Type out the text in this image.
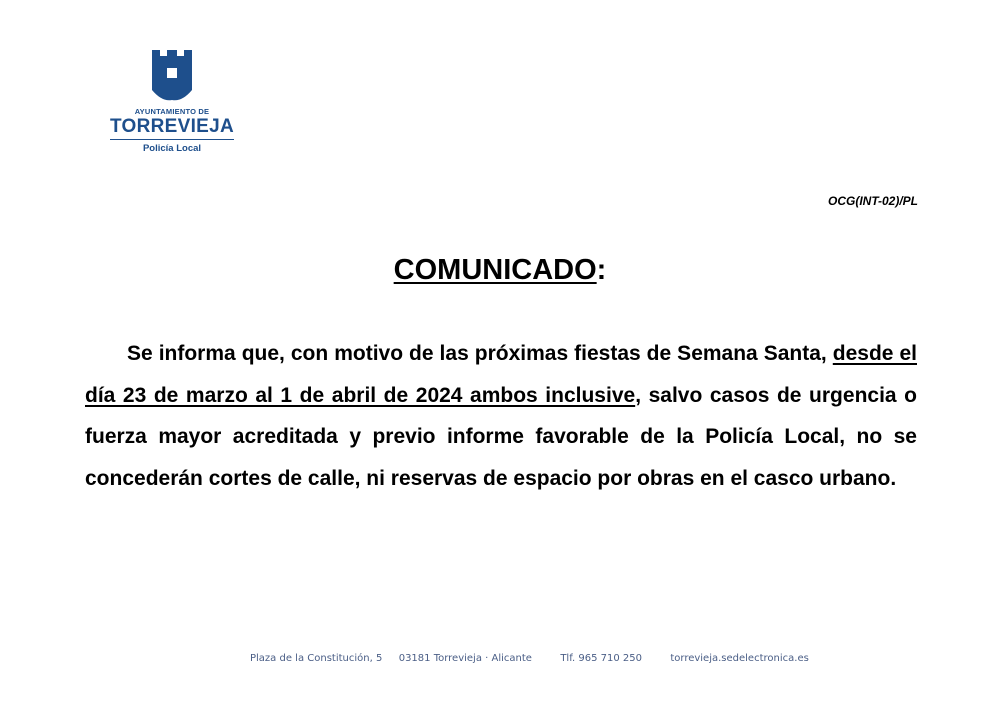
AYUNTAMIENTO DE
TORREVIEJA
Policía Local
OCG(INT-02)/PL
COMUNICADO:
Se informa que, con motivo de las próximas fiestas de Semana Santa, desde el día 23 de marzo al 1 de abril de 2024 ambos inclusive, salvo casos de urgencia o fuerza mayor acreditada y previo informe favorable de la Policía Local, no se concederán cortes de calle, ni reservas de espacio por obras en el casco urbano.
Plaza de la Constitución, 5 03181 Torrevieja · Alicante	Tlf. 965 710 250	torrevieja.sedelectronica.es
